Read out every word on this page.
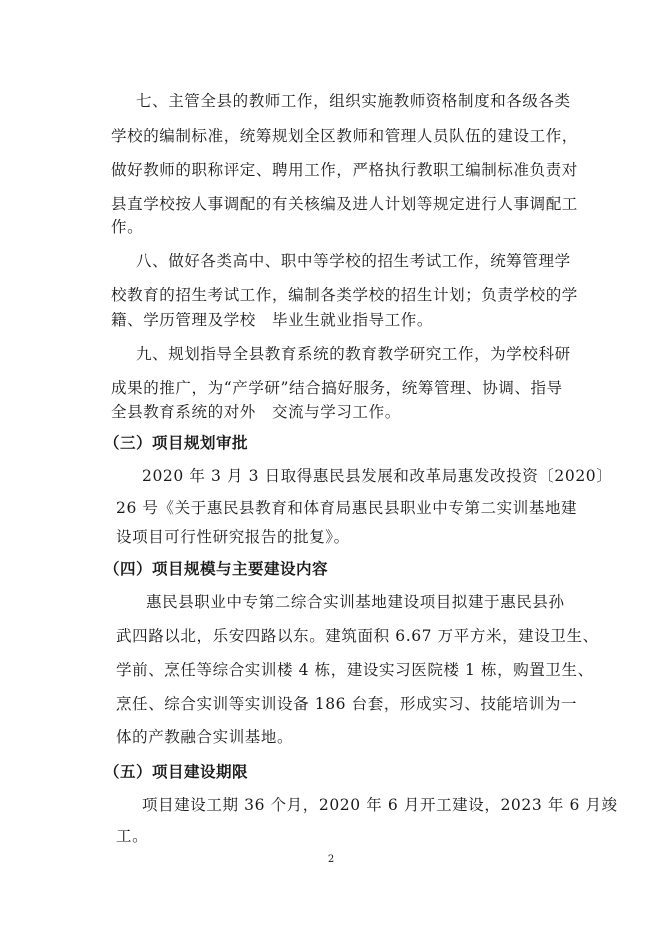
七、主管全县的教师工作，组织实施教师资格制度和各级各类
学校的编制标准，统筹规划全区教师和管理人员队伍的建设工作，
做好教师的职称评定、聘用工作，严格执行教职工编制标准负责对
县直学校按人事调配的有关核编及进人计划等规定进行人事调配工
作。
八、做好各类高中、职中等学校的招生考试工作，统筹管理学
校教育的招生考试工作，编制各类学校的招生计划；负责学校的学
籍、学历管理及学校　毕业生就业指导工作。
九、规划指导全县教育系统的教育教学研究工作，为学校科研
成果的推广，为“产学研”结合搞好服务，统筹管理、协调、指导
全县教育系统的对外　交流与学习工作。
（三）项目规划审批
2020 年 3 月 3 日取得惠民县发展和改革局惠发改投资〔2020〕
26 号《关于惠民县教育和体育局惠民县职业中专第二实训基地建
设项目可行性研究报告的批复》。
（四）项目规模与主要建设内容
惠民县职业中专第二综合实训基地建设项目拟建于惠民县孙
武四路以北，乐安四路以东。建筑面积 6.67 万平方米，建设卫生、
学前、烹任等综合实训楼 4 栋，建设实习医院楼 1 栋，购置卫生、
烹任、综合实训等实训设备 186 台套，形成实习、技能培训为一
体的产教融合实训基地。
（五）项目建设期限
项目建设工期 36 个月，2020 年 6 月开工建设，2023 年 6 月竣
工。
2
